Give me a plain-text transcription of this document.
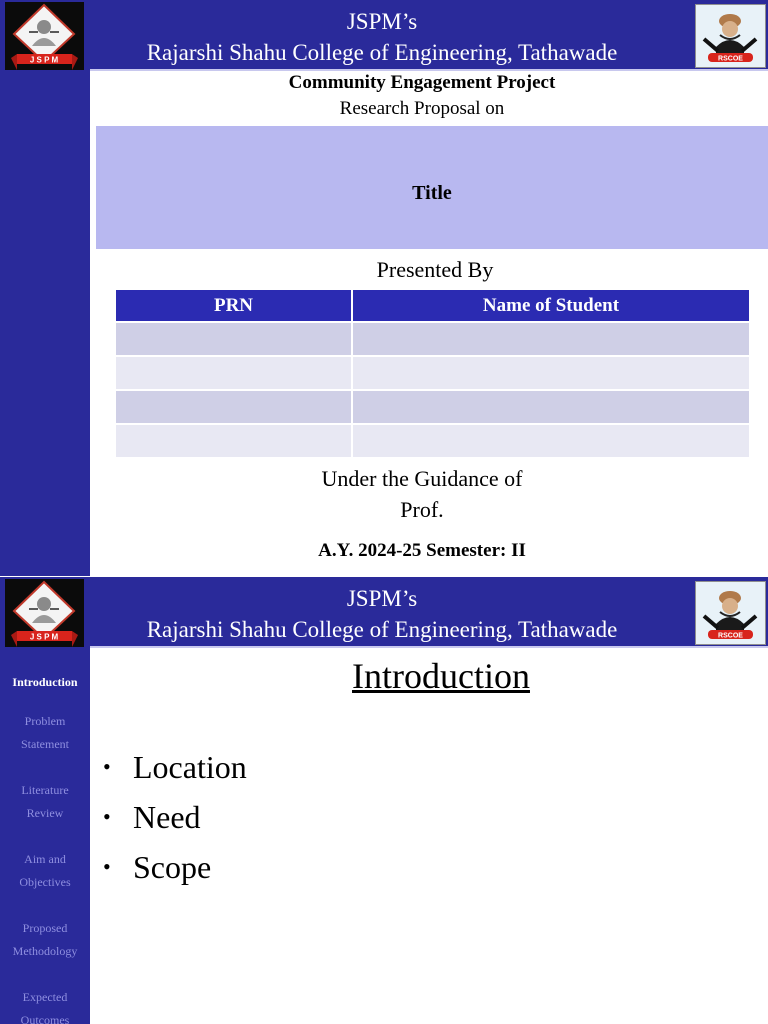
JSPM’s
Rajarshi Shahu College of Engineering, Tathawade
J S P M	RSCOE
Community Engagement Project
Research Proposal on
Title
Presented By
PRN	Name of Student

Under the Guidance of
Prof.
A.Y. 2024-25 Semester: II
JSPM’s
Rajarshi Shahu College of Engineering, Tathawade
J S P M	RSCOE
Introduction
Problem
Statement
Literature
Review
Aim and
Objectives
Proposed
Methodology
Expected
Outcomes
Introduction
• Location
• Need
• Scope
